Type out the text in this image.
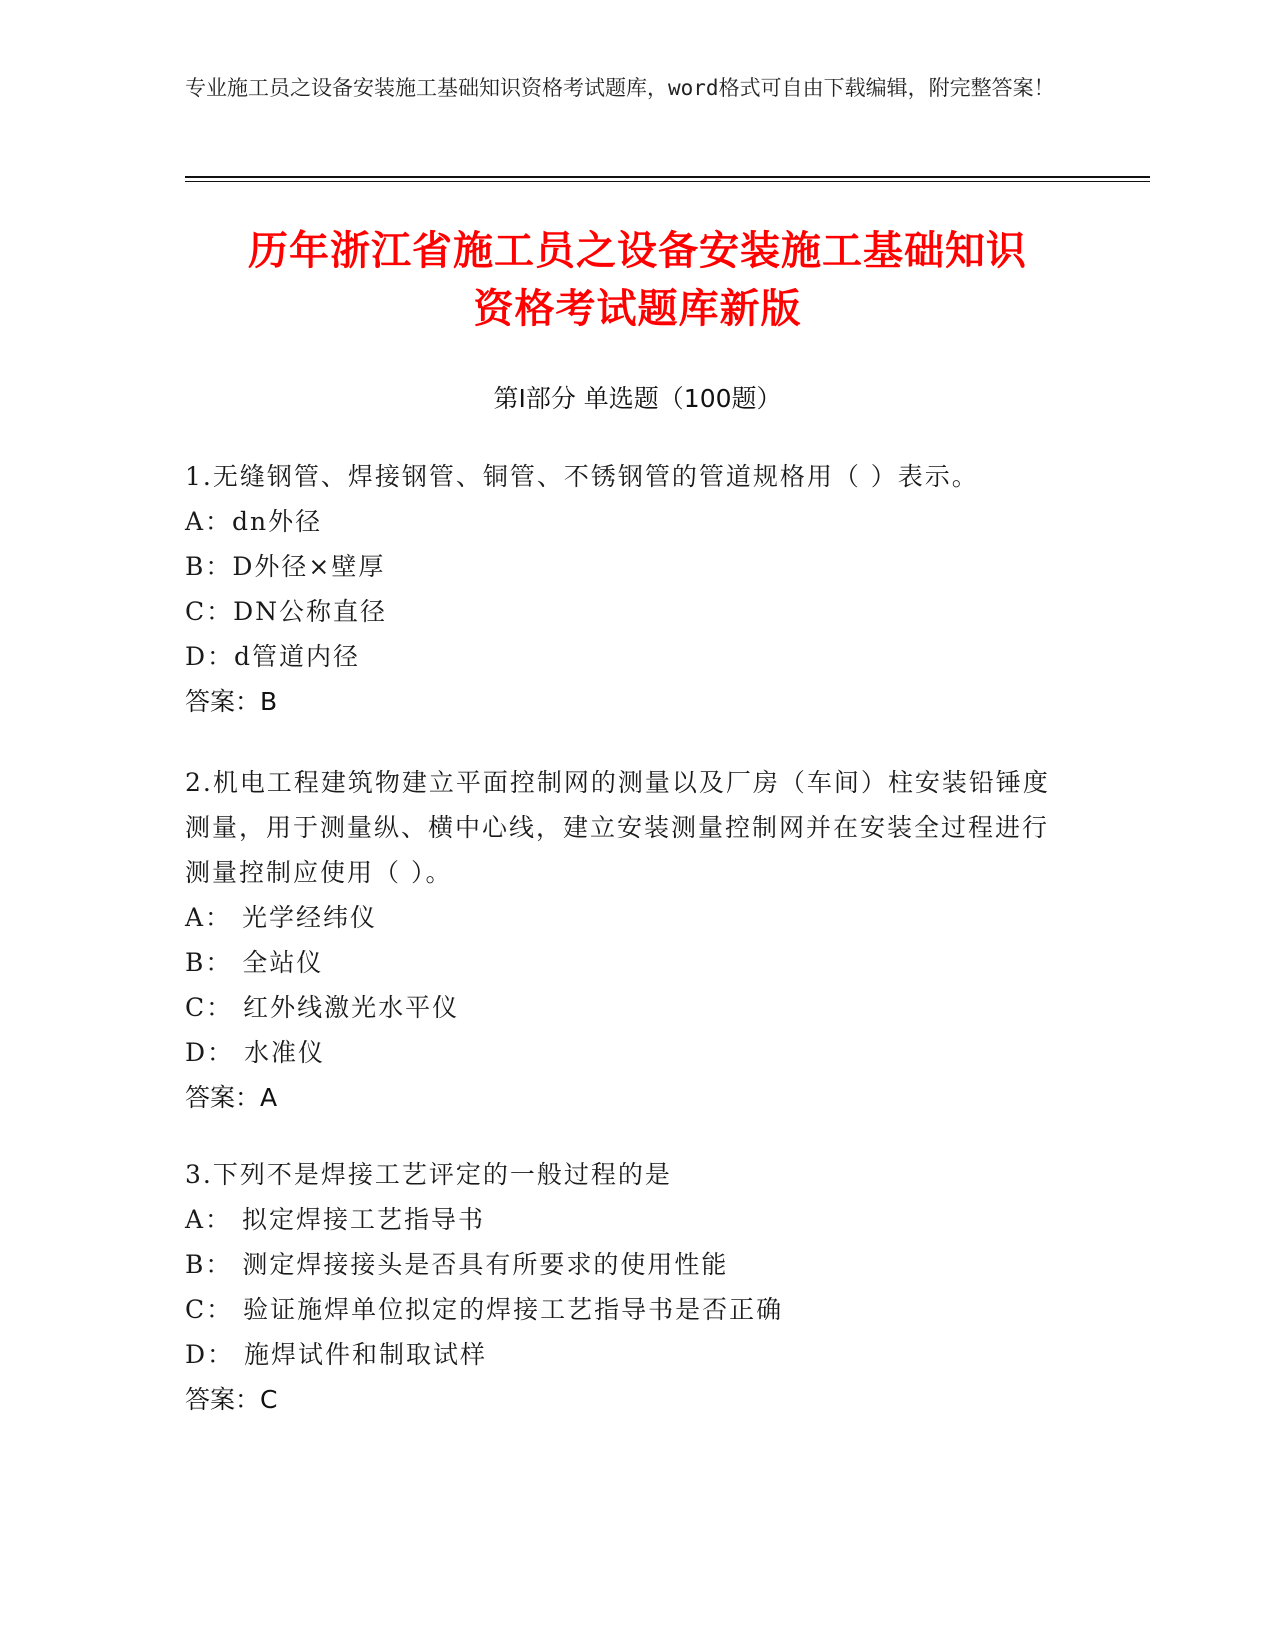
专业施工员之设备安装施工基础知识资格考试题库，word格式可自由下载编辑，附完整答案！
历年浙江省施工员之设备安装施工基础知识
资格考试题库新版
第Ⅰ部分 单选题（100题）
1.无缝钢管、焊接钢管、铜管、不锈钢管的管道规格用（ ）表示。
A：dn外径
B：D外径×壁厚
C：DN公称直径
D：d管道内径
答案：B
2.机电工程建筑物建立平面控制网的测量以及厂房（车间）柱安装铅锤度测量，用于测量纵、横中心线，建立安装测量控制网并在安装全过程进行测量控制应使用（ ）。
A： 光学经纬仪
B： 全站仪
C： 红外线激光水平仪
D： 水准仪
答案：A
3.下列不是焊接工艺评定的一般过程的是
A： 拟定焊接工艺指导书
B： 测定焊接接头是否具有所要求的使用性能
C： 验证施焊单位拟定的焊接工艺指导书是否正确
D： 施焊试件和制取试样
答案：C
